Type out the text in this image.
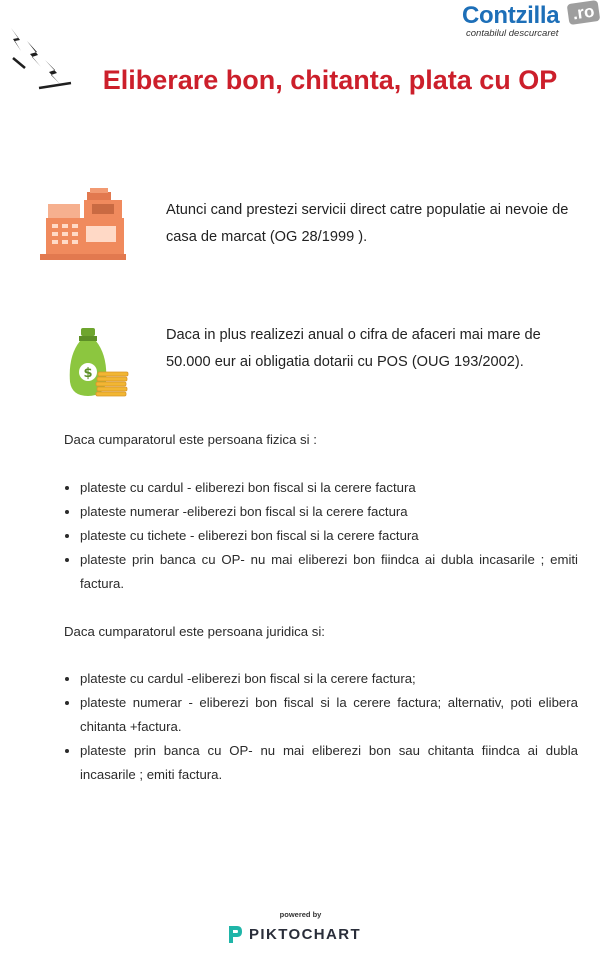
Contzilla .ro
contabilul descurcaret
Eliberare bon, chitanta, plata cu OP
$
Atunci cand prestezi servicii direct catre populatie ai nevoie de casa de marcat (OG 28/1999 ).
Daca in plus realizezi anual o cifra de afaceri mai mare de 50.000 eur ai obligatia dotarii cu POS (OUG 193/2002).
Daca cumparatorul este persoana fizica si :
• plateste cu cardul - eliberezi bon fiscal si la cerere factura
• plateste numerar -eliberezi bon fiscal si la cerere factura
• plateste cu tichete - eliberezi bon fiscal si la cerere factura
• plateste prin banca cu OP- nu mai eliberezi bon fiindca ai dubla incasarile ; emiti factura.
Daca cumparatorul este persoana juridica si:
• plateste cu cardul -eliberezi bon fiscal si la cerere factura;
• plateste numerar - eliberezi bon fiscal si la cerere factura; alternativ, poti elibera chitanta +factura.
• plateste prin banca cu OP- nu mai eliberezi bon sau chitanta fiindca ai dubla incasarile ; emiti factura.
powered by
PIKTOCHART
